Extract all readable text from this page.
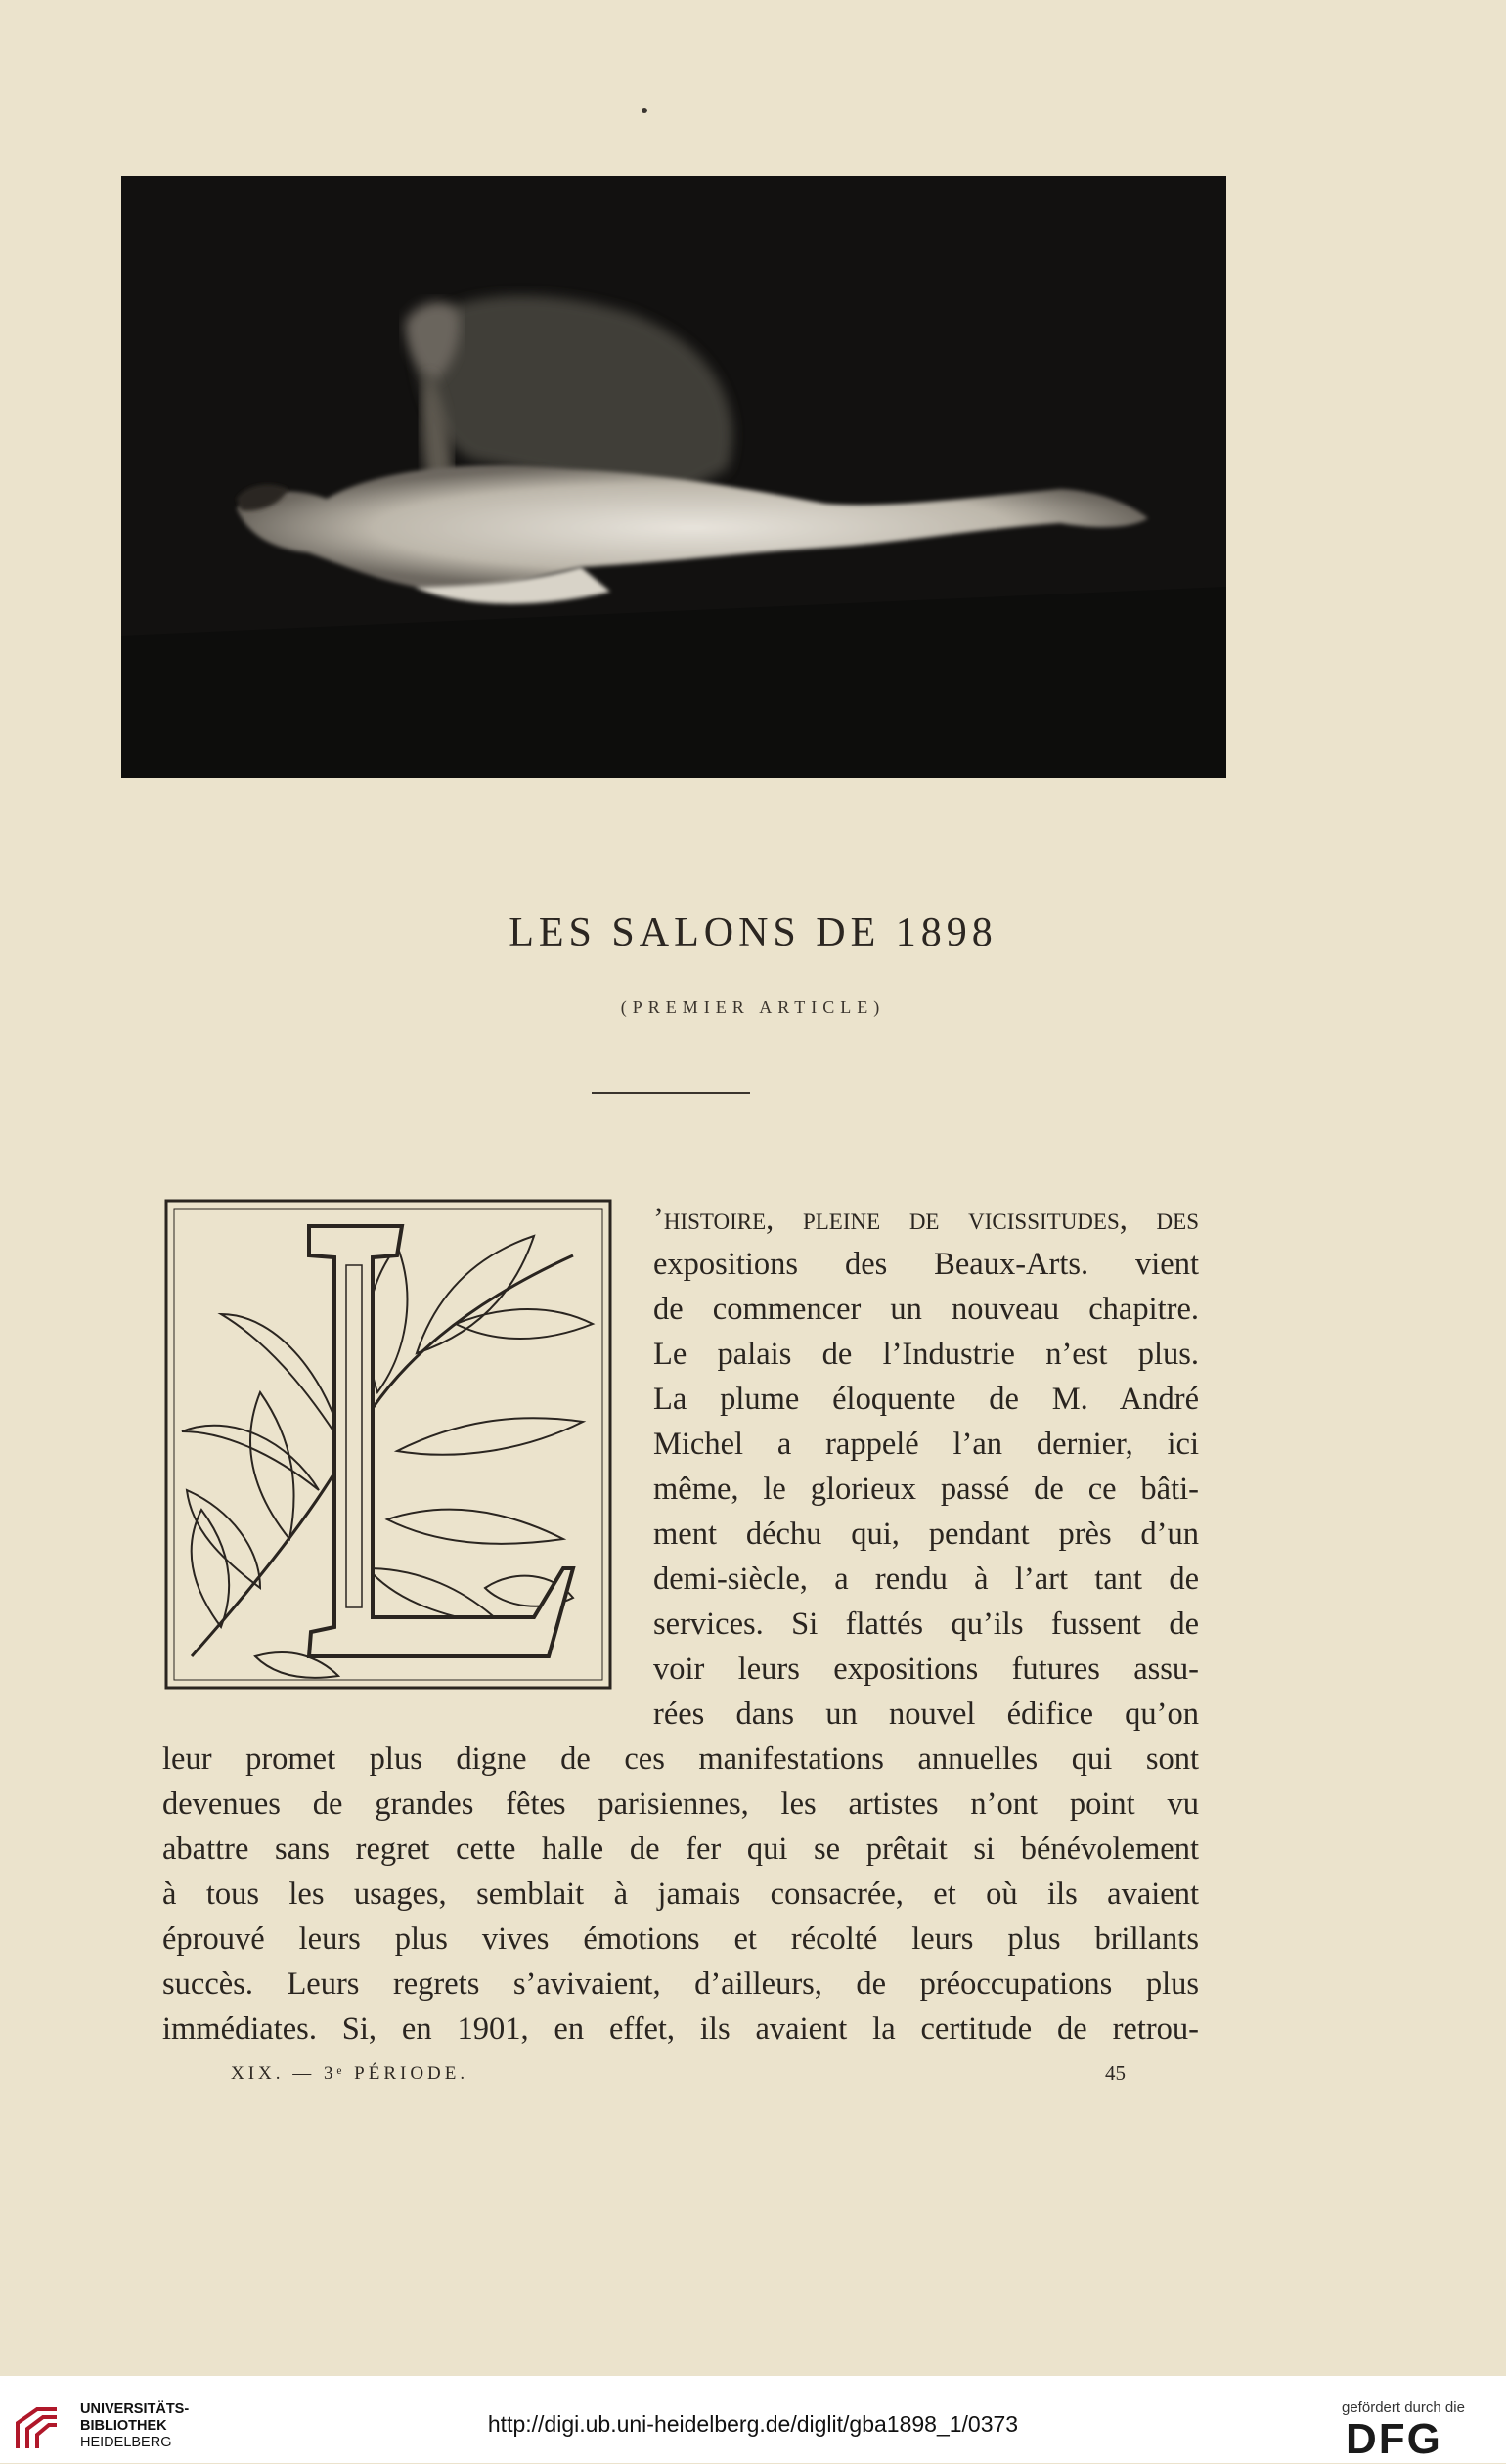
LES SALONS DE 1898
(PREMIER ARTICLE)
’histoire, pleine de vicissitudes, des
expositions des Beaux-Arts. vient
de commencer un nouveau chapitre.
Le palais de l’Industrie n’est plus.
La plume éloquente de M. André
Michel a rappelé l’an dernier, ici
même, le glorieux passé de ce bâti-
ment déchu qui, pendant près d’un
demi-siècle, a rendu à l’art tant de
services. Si flattés qu’ils fussent de
voir leurs expositions futures assu-
rées dans un nouvel édifice qu’on
leur promet plus digne de ces manifestations annuelles qui sont
devenues de grandes fêtes parisiennes, les artistes n’ont point vu
abattre sans regret cette halle de fer qui se prêtait si bénévolement
à tous les usages, semblait à jamais consacrée, et où ils avaient
éprouvé leurs plus vives émotions et récolté leurs plus brillants
succès. Leurs regrets s’avivaient, d’ailleurs, de préoccupations plus
immédiates. Si, en 1901, en effet, ils avaient la certitude de retrou-
XIX. — 3ᵉ PÉRIODE.	45
UNIVERSITÄTS-
BIBLIOTHEK
HEIDELBERG
http://digi.ub.uni-heidelberg.de/diglit/gba1898_1/0373
gefördert durch die
DFG
